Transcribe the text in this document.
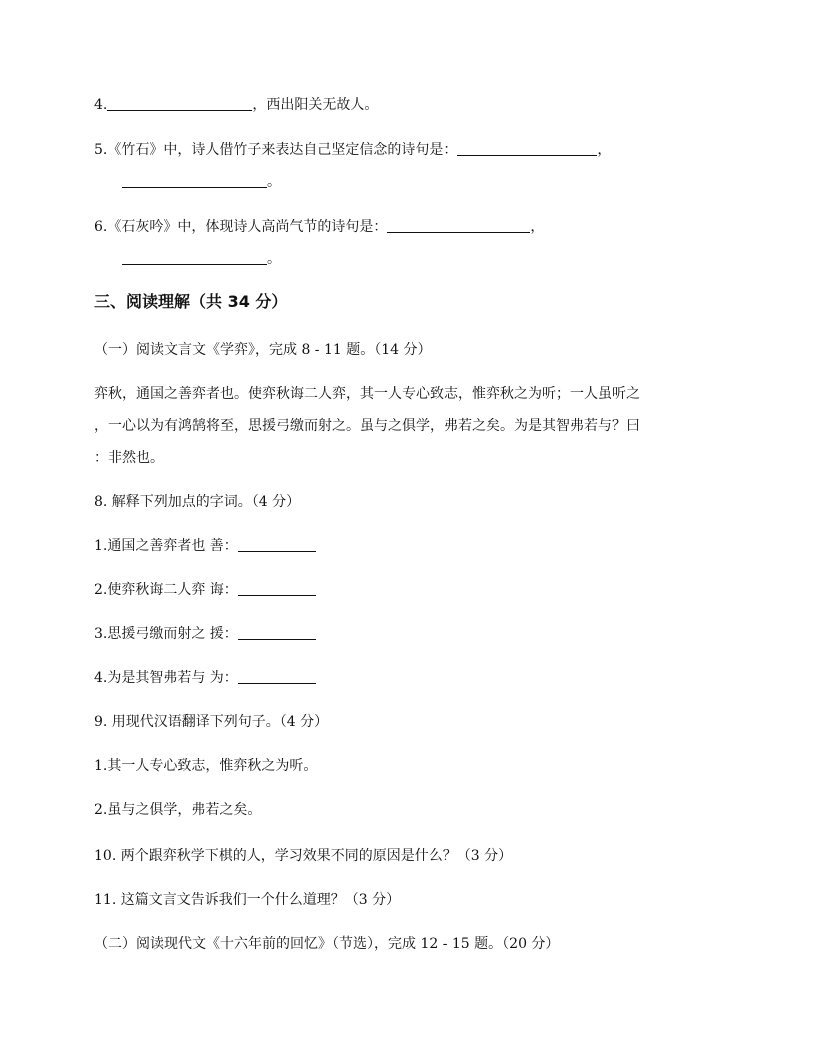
4.	，西出阳关无故人。
5.《竹石》中，诗人借竹子来表达自己坚定信念的诗句是：	，
。
6.《石灰吟》中，体现诗人高尚气节的诗句是：	，
。
三、阅读理解（共 34 分）
（一）阅读文言文《学弈》，完成 8 - 11 题。（14 分）
弈秋，通国之善弈者也。使弈秋诲二人弈，其一人专心致志，惟弈秋之为听；一人虽听之
，一心以为有鸿鹄将至，思援弓缴而射之。虽与之俱学，弗若之矣。为是其智弗若与？曰
：非然也。
8. 解释下列加点的字词。（4 分）
1.通国之善弈者也 善：
2.使弈秋诲二人弈 诲：
3.思援弓缴而射之 援：
4.为是其智弗若与 为：
9. 用现代汉语翻译下列句子。（4 分）
1.其一人专心致志，惟弈秋之为听。
2.虽与之俱学，弗若之矣。
10. 两个跟弈秋学下棋的人，学习效果不同的原因是什么？（3 分）
11. 这篇文言文告诉我们一个什么道理？（3 分）
（二）阅读现代文《十六年前的回忆》（节选），完成 12 - 15 题。（20 分）
